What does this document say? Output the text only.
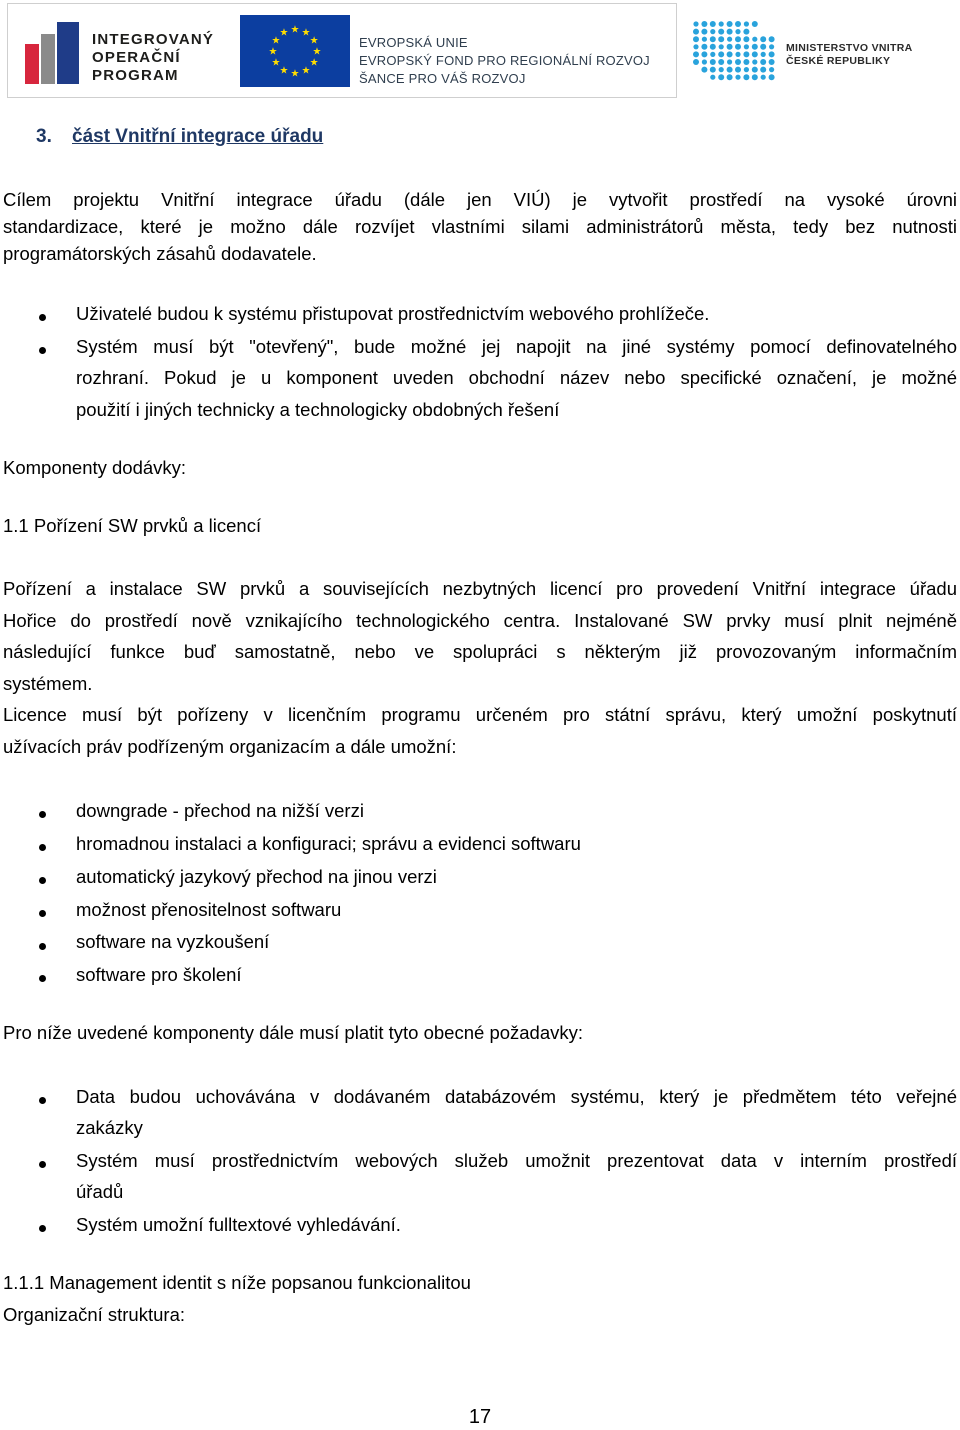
INTEGROVANÝ
OPERAČNÍ
PROGRAM
★ ★
★
★
★
★
★
★
★
★
★
★
EVROPSKÁ UNIE
EVROPSKÝ FOND PRO REGIONÁLNÍ ROZVOJ
ŠANCE PRO VÁŠ ROZVOJ
MINISTERSTVO VNITRA
ČESKÉ REPUBLIKY
3. část Vnitřní integrace úřadu
Cílem projektu Vnitřní integrace úřadu (dále jen VIÚ) je vytvořit prostředí na vysoké úrovni
standardizace, které je možno dále rozvíjet vlastními silami administrátorů města, tedy bez nutnosti
programátorských zásahů dodavatele.
Uživatelé budou k systému přistupovat prostřednictvím webového prohlížeče.
Systém musí být "otevřený", bude možné jej napojit na jiné systémy pomocí definovatelného
rozhraní. Pokud je u komponent uveden obchodní název nebo specifické označení, je možné
použití i jiných technicky a technologicky obdobných řešení
Komponenty dodávky:
1.1 Pořízení SW prvků a licencí
Pořízení a instalace SW prvků a souvisejících nezbytných licencí pro provedení Vnitřní integrace úřadu
Hořice do prostředí nově vznikajícího technologického centra. Instalované SW prvky musí plnit nejméně
následující funkce buď samostatně, nebo ve spolupráci s některým již provozovaným informačním
systémem.
Licence musí být pořízeny v licenčním programu určeném pro státní správu, který umožní poskytnutí
užívacích práv podřízeným organizacím a dále umožní:
downgrade - přechod na nižší verzi
hromadnou instalaci a konfiguraci; správu a evidenci softwaru
automatický jazykový přechod na jinou verzi
možnost přenositelnost softwaru
software na vyzkoušení
software pro školení
Pro níže uvedené komponenty dále musí platit tyto obecné požadavky:
Data budou uchovávána v dodávaném databázovém systému, který je předmětem této veřejné
zakázky
Systém musí prostřednictvím webových služeb umožnit prezentovat data v interním prostředí
úřadů
Systém umožní fulltextové vyhledávání.
1.1.1 Management identit s níže popsanou funkcionalitou
Organizační struktura:
17
